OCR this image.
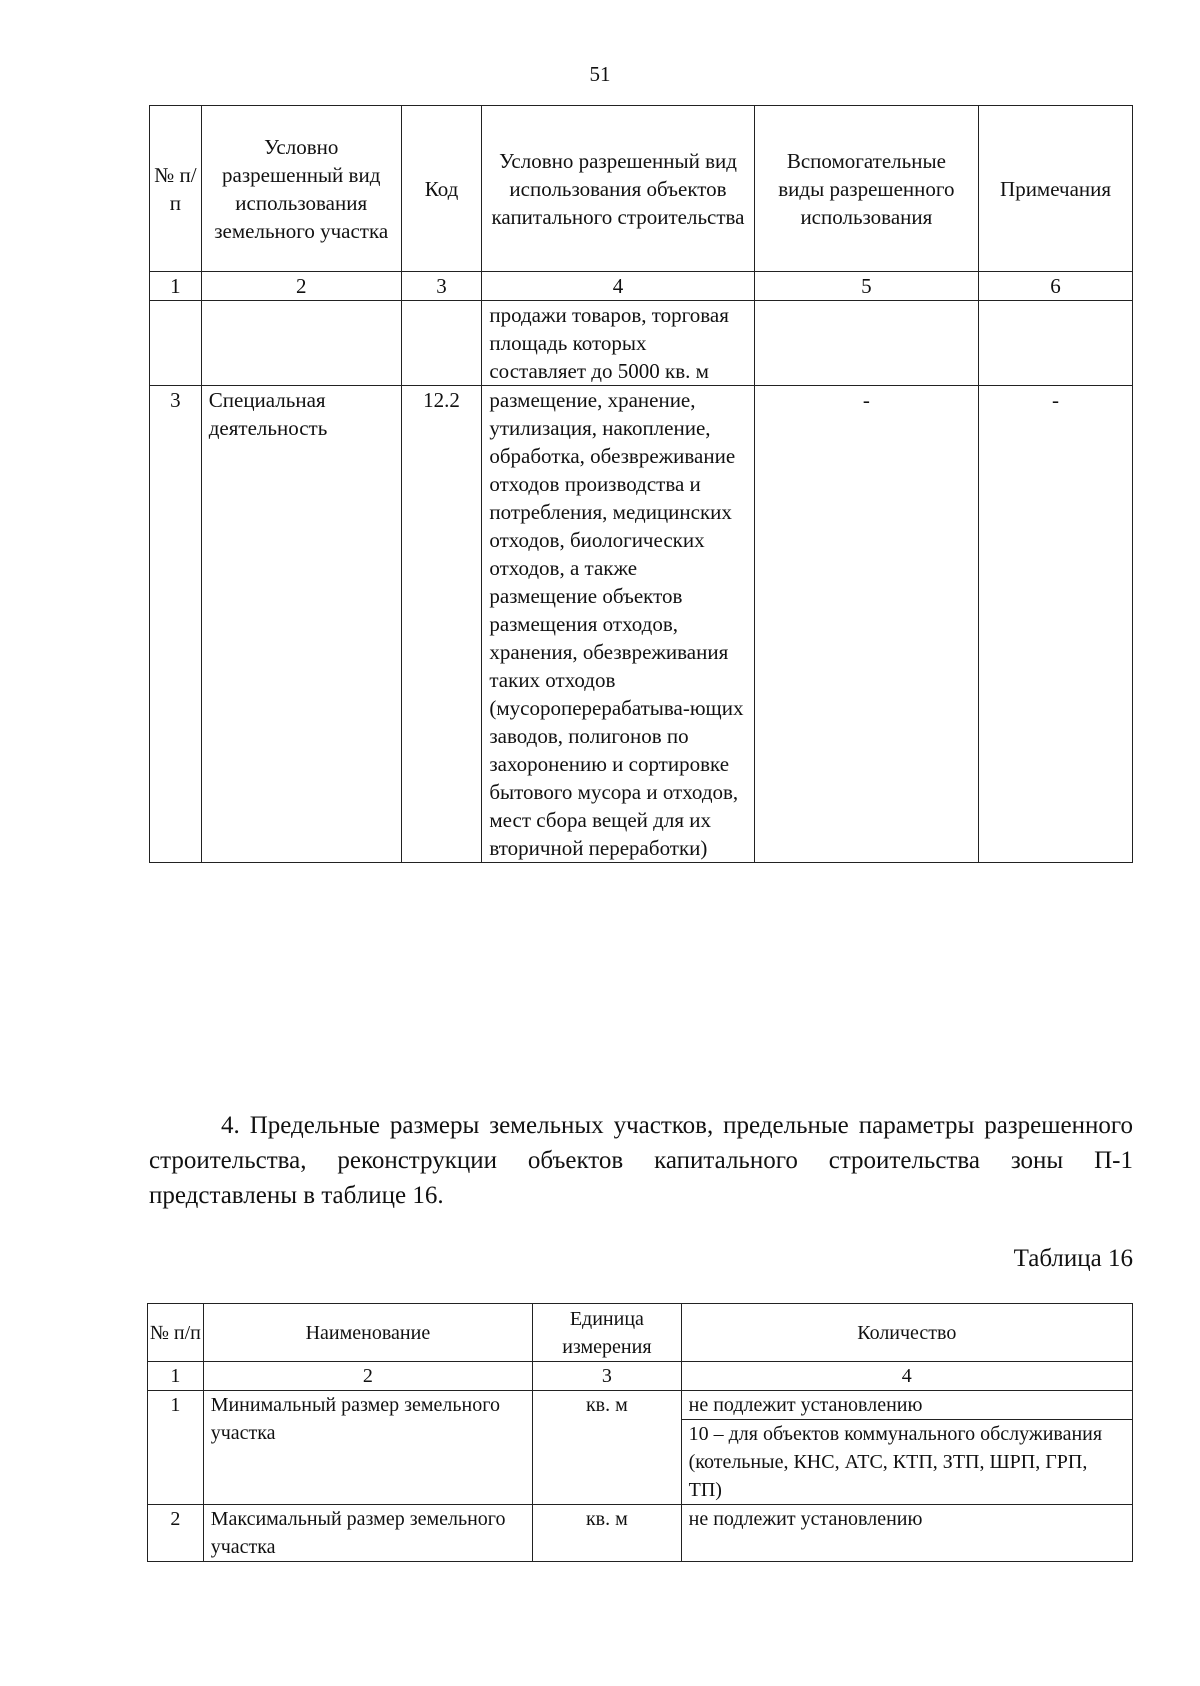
51
№ п/п	Условно разрешенный вид использования земельного участка	Код	Условно разрешенный вид использования объектов капитального строительства	Вспомогательные виды разрешенного использования	Примечания
1	2	3	4	5	6
			продажи товаров, торговая площадь которых составляет до 5000 кв. м		
3	Специальная деятельность	12.2	размещение, хранение, утилизация, накопление, обработка, обезвреживание отходов производства и потребления, медицинских отходов, биологических отходов, а также размещение объектов размещения отходов, хранения, обезвреживания таких отходов (мусороперерабатыва-ющих заводов, полигонов по захоронению и сортировке бытового мусора и отходов, мест сбора вещей для их вторичной переработки)	-	-
4. Предельные размеры земельных участков, предельные параметры разрешенного строительства, реконструкции объектов капитального строительства зоны П-1 представлены в таблице 16.
Таблица 16
№ п/п	Наименование	Единица измерения	Количество
1	2	3	4
1	Минимальный размер земельного участка	кв. м	не подлежит установлению
			10 – для объектов коммунального обслуживания (котельные, КНС, АТС, КТП, ЗТП, ШРП, ГРП, ТП)
2	Максимальный размер земельного участка	кв. м	не подлежит установлению
